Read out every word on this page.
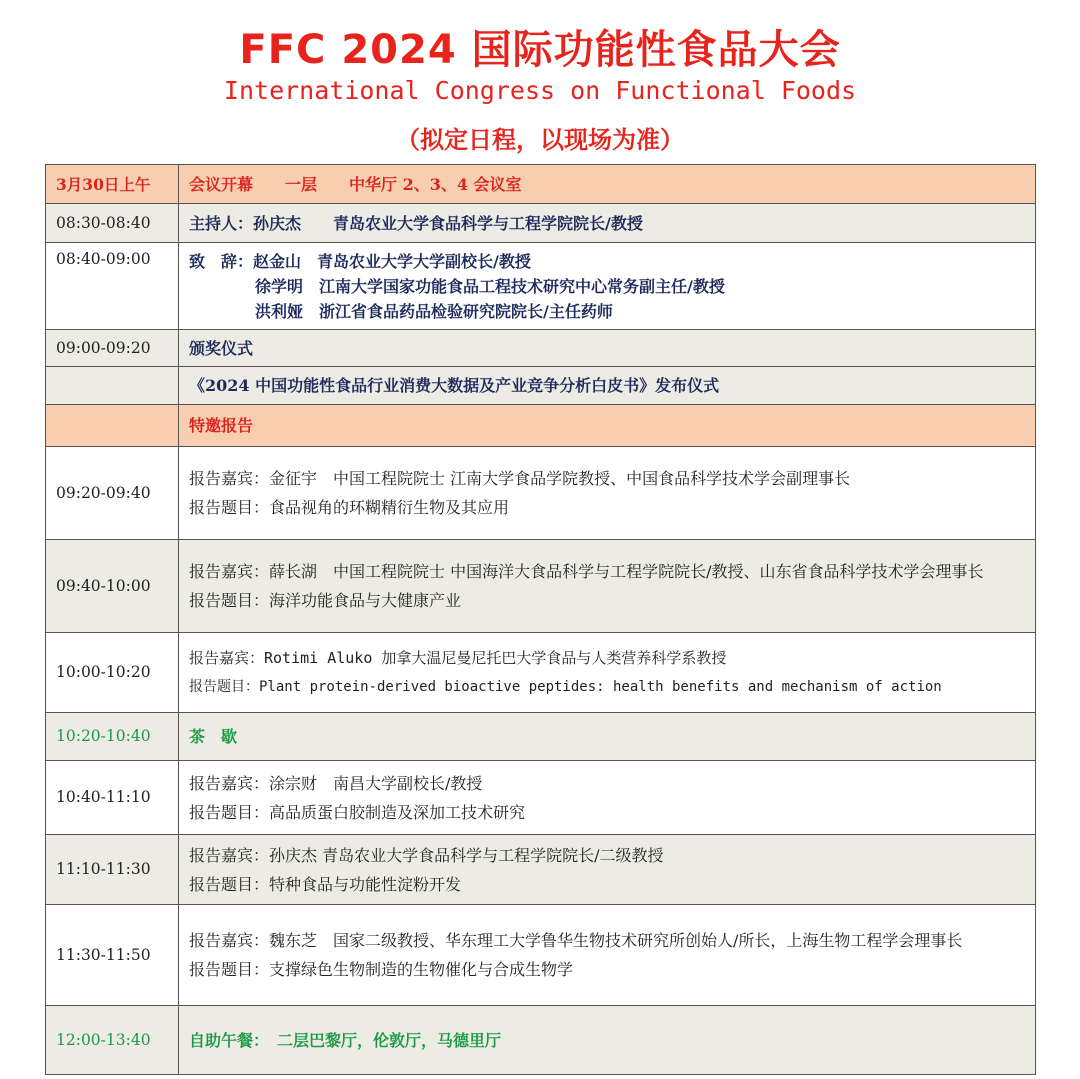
FFC 2024 国际功能性食品大会
International Congress on Functional Foods
（拟定日程，以现场为准）
3月30日上午	会议开幕　　一层　　中华厅 2、3、4 会议室
08:30-08:40	主持人：孙庆杰　　青岛农业大学食品科学与工程学院院长/教授
08:40-09:00	致　辞：赵金山　青岛农业大学大学副校长/教授
徐学明　江南大学国家功能食品工程技术研究中心常务副主任/教授
洪利娅　浙江省食品药品检验研究院院长/主任药师

09:00-09:20	颁奖仪式
	《2024 中国功能性食品行业消费大数据及产业竞争分析白皮书》发布仪式
	特邀报告
09:20-09:40	报告嘉宾：金征宇　中国工程院院士 江南大学食品学院教授、中国食品科学技术学会副理事长
报告题目：食品视角的环糊精衍生物及其应用

09:40-10:00	报告嘉宾：薛长湖　中国工程院院士 中国海洋大食品科学与工程学院院长/教授、山东省食品科学技术学会理事长
报告题目：海洋功能食品与大健康产业

10:00-10:20	报告嘉宾：Rotimi Aluko 加拿大温尼曼尼托巴大学食品与人类营养科学系教授
报告题目：Plant protein-derived bioactive peptides: health benefits and mechanism of action

10:20-10:40	茶　歇
10:40-11:10	报告嘉宾：涂宗财　南昌大学副校长/教授
报告题目：高品质蛋白胶制造及深加工技术研究

11:10-11:30	报告嘉宾：孙庆杰 青岛农业大学食品科学与工程学院院长/二级教授
报告题目：特种食品与功能性淀粉开发

11:30-11:50	报告嘉宾：魏东芝　国家二级教授、华东理工大学鲁华生物技术研究所创始人/所长，上海生物工程学会理事长
报告题目：支撑绿色生物制造的生物催化与合成生物学

12:00-13:40	自助午餐：　二层巴黎厅，伦敦厅，马德里厅
